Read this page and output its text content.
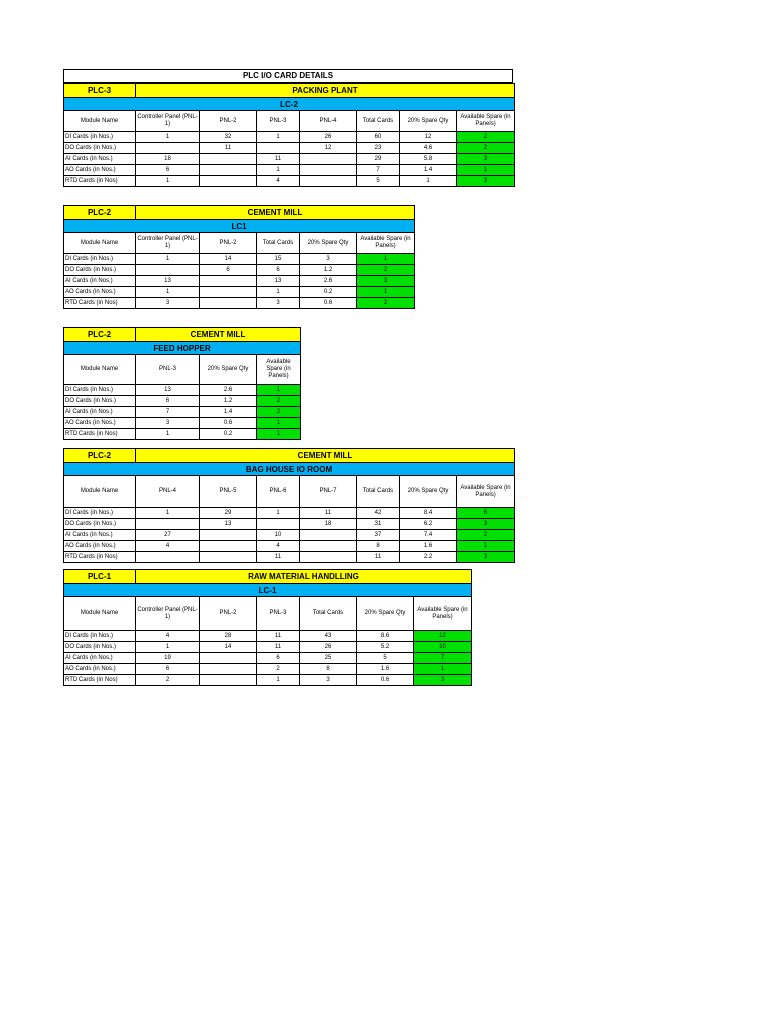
PLC I/O CARD DETAILS
PLC-3	PACKING PLANT						
LC-2							
Module Name	Controller Panel (PNL-1)	PNL-2	PNL-3	PNL-4	Total Cards	20% Spare Qty	Available Spare (in Panels)
DI Cards (in Nos.)	1	32	1	26	60	12	2
DO Cards (in Nos.)		11		12	23	4.6	2
AI Cards (in Nos.)	18		11		29	5.8	3
AO Cards (in Nos.)	6		1		7	1.4	1
RTD Cards (in Nos)	1		4		5	1	3
PLC-2	CEMENT MILL				
LC1					
Module Name	Controller Panel (PNL-1)	PNL-2	Total Cards	20% Spare Qty	Available Spare (in Panels)
DI Cards (in Nos.)	1	14	15	3	1
DO Cards (in Nos.)		6	6	1.2	2
AI Cards (in Nos.)	13		13	2.6	3
AO Cards (in Nos.)	1		1	0.2	1
RTD Cards (in Nos)	3		3	0.6	2
PLC-2	CEMENT MILL		
FEED HOPPER			
Module Name	PNL-3	20% Spare Qty	Available Spare (in Panels)
DI Cards (in Nos.)	13	2.6	1
DO Cards (in Nos.)	6	1.2	2
AI Cards (in Nos.)	7	1.4	2
AO Cards (in Nos.)	3	0.6	1
RTD Cards (in Nos)	1	0.2	1
PLC-2	CEMENT MILL						
BAG HOUSE IO ROOM							
Module Name	PNL-4	PNL-5	PNL-6	PNL-7	Total Cards	20% Spare Qty	Available Spare (in Panels)
DI Cards (in Nos.)	1	29	1	11	42	8.4	6
DO Cards (in Nos.)		13		18	31	6.2	3
AI Cards (in Nos.)	27		10		37	7.4	2
AO Cards (in Nos.)	4		4		8	1.6	1
RTD Cards (in Nos)			11		11	2.2	3
PLC-1	RAW MATERIAL HANDLLING					
LC-1						
Module Name	Controller Panel (PNL-1)	PNL-2	PNL-3	Total Cards	20% Spare Qty	Available Spare (in Panels)
DI Cards (in Nos.)	4	28	11	43	8.6	12
DO Cards (in Nos.)	1	14	11	26	5.2	10
AI Cards (in Nos.)	19		6	25	5	7
AO Cards (in Nos.)	6		2	8	1.6	1
RTD Cards (in Nos)	2		1	3	0.6	3
